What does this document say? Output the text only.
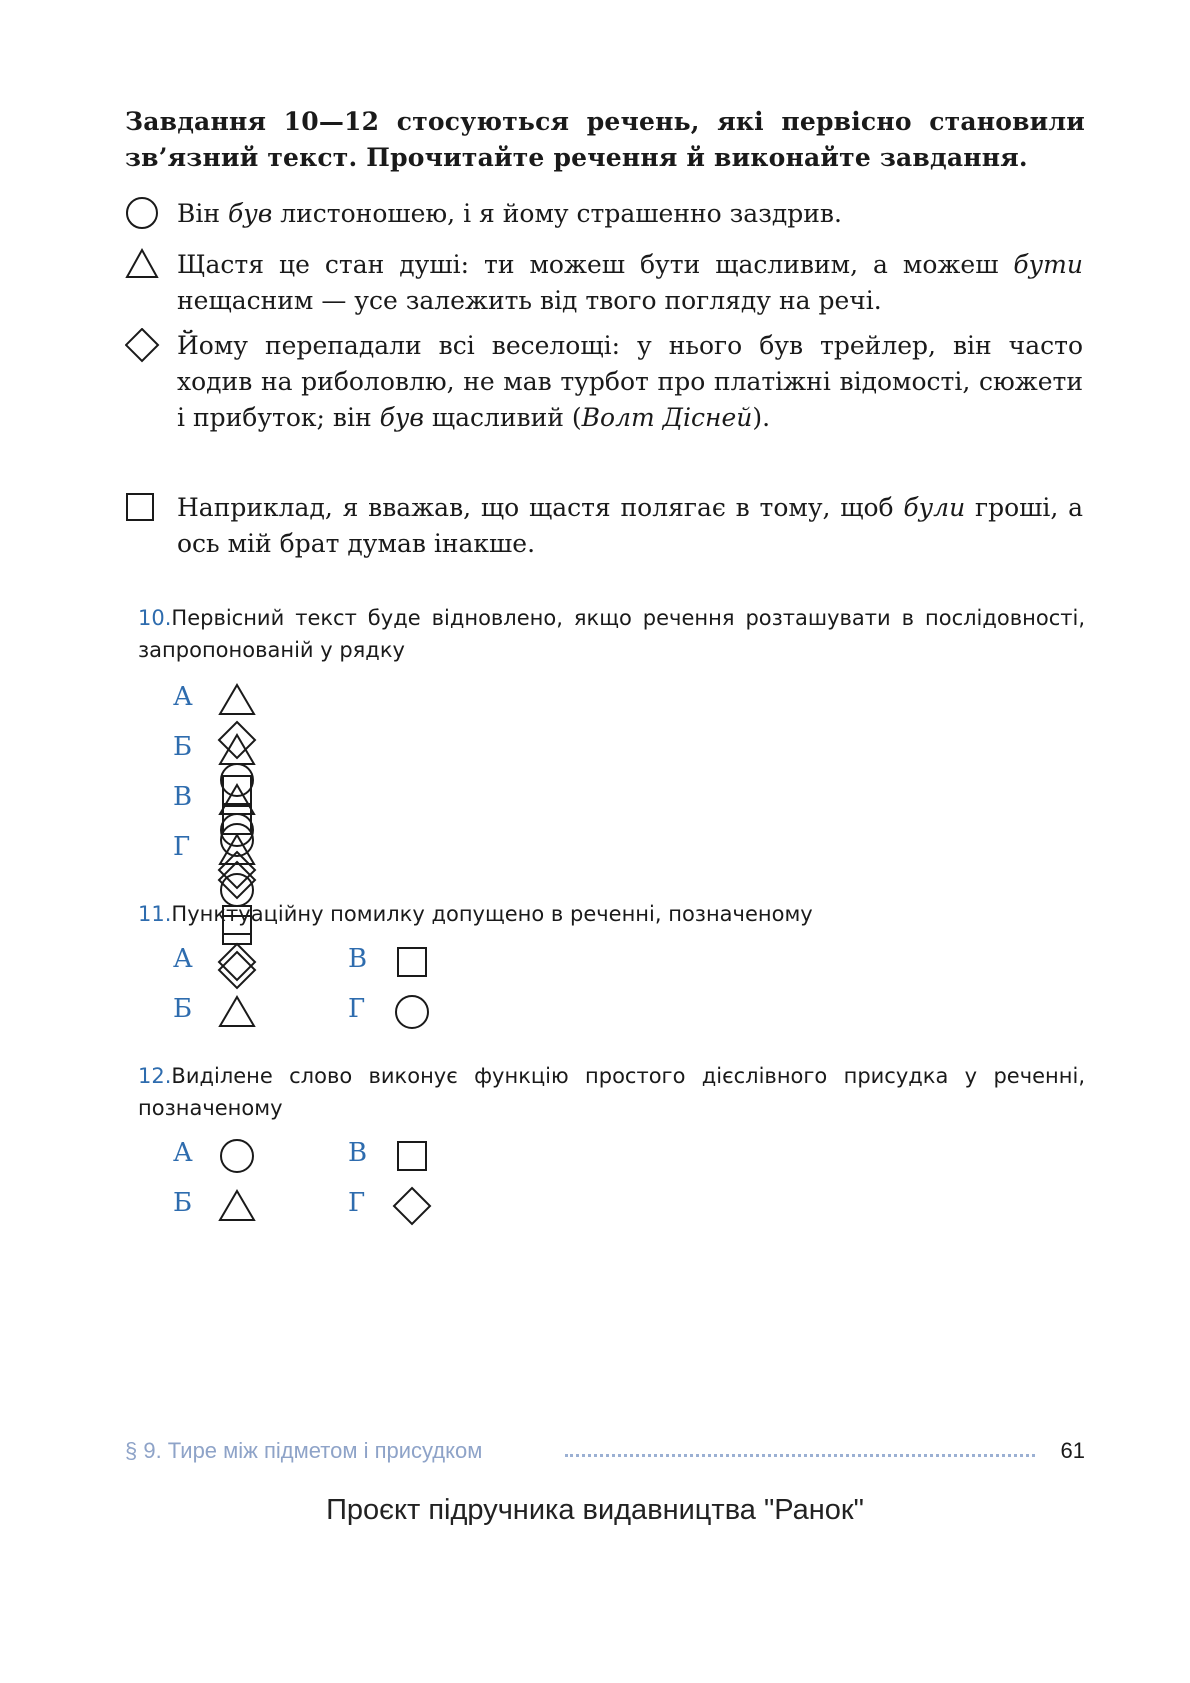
Завдання 10—12 стосуються речень, які первісно становили зв’язний текст. Прочитайте речення й виконайте завдання.
Він був листоношею, і я йому страшенно заздрив.
Щастя це стан душі: ти можеш бути щасливим, а можеш бути нещасним — усе залежить від твого погляду на речі.
Йому перепадали всі веселощі: у нього був трейлер, він часто ходив на риболовлю, не мав турбот про платіжні відомості, сюжети і прибуток; він був щасливий (Волт Дісней).
Наприклад, я вважав, що щастя полягає в тому, щоб були гроші, а ось мій брат думав інакше.
10.Первісний текст буде відновлено, якщо речення розташувати в послідовності, запропонованій у рядку
А
Б
В
Г
11.Пунктуаційну помилку допущено в реченні, позначеному
А	В
Б	Г
12.Виділене слово виконує функцію простого дієслівного присудка у реченні, позначеному
А	В
Б	Г
§ 9. Тире між підметом і присудком	61
Проєкт підручника видавництва "Ранок"
